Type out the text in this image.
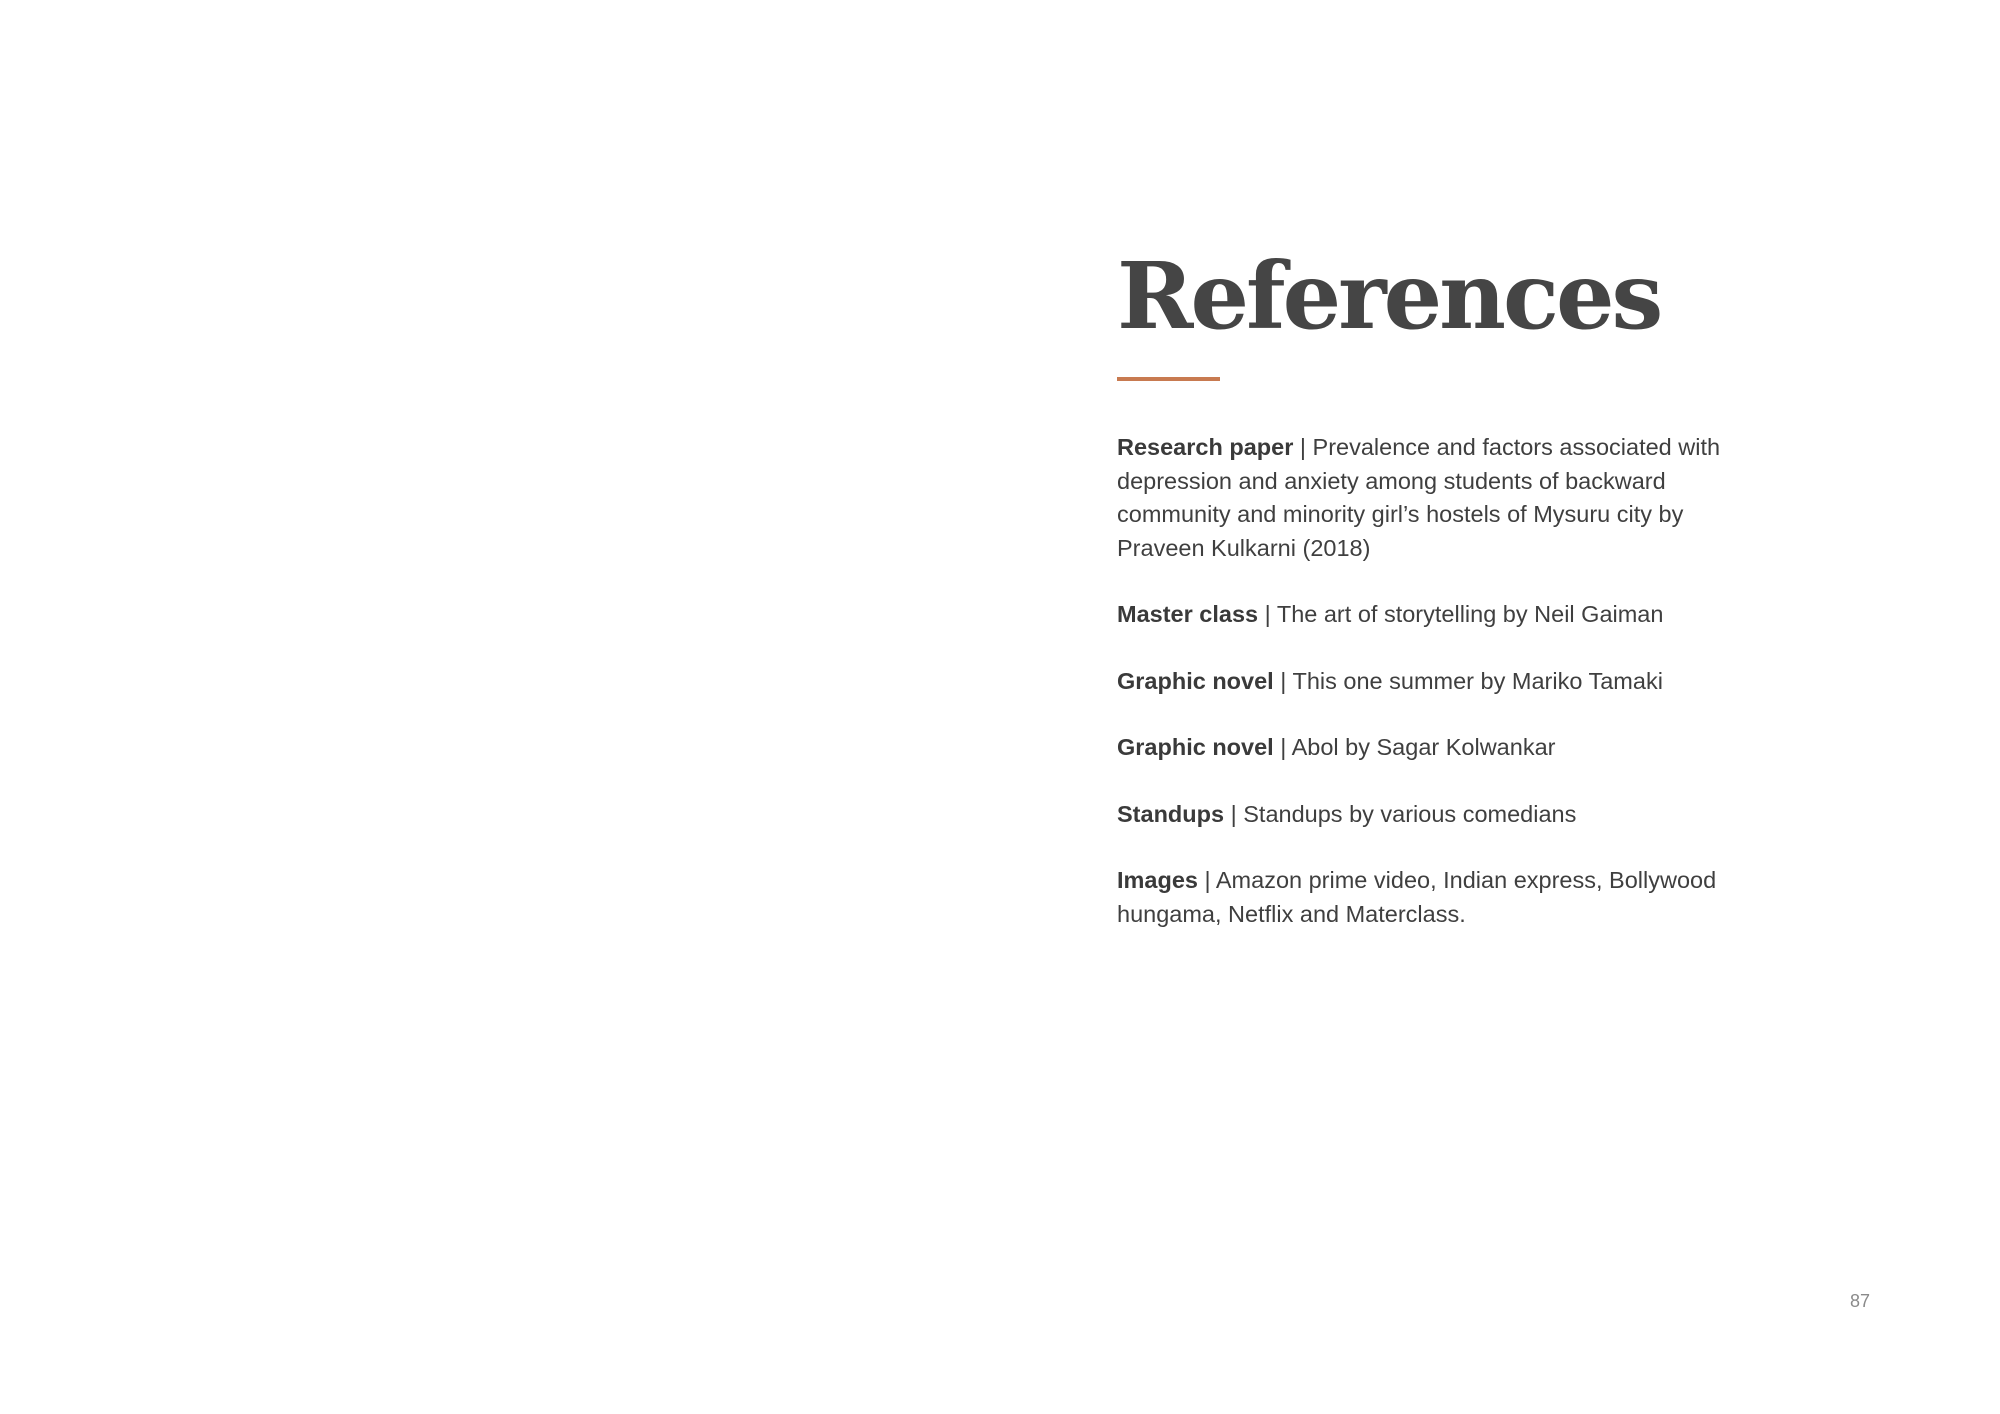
References

Research paper | Prevalence and factors associated with depression and anxiety among students of backward community and minority girl’s hostels of Mysuru city by Praveen Kulkarni (2018)

Master class | The art of storytelling by Neil Gaiman

Graphic novel | This one summer by Mariko Tamaki

Graphic novel | Abol by Sagar Kolwankar

Standups | Standups by various comedians

Images | Amazon prime video, Indian express, Bollywood hungama, Netflix and Materclass.

87
